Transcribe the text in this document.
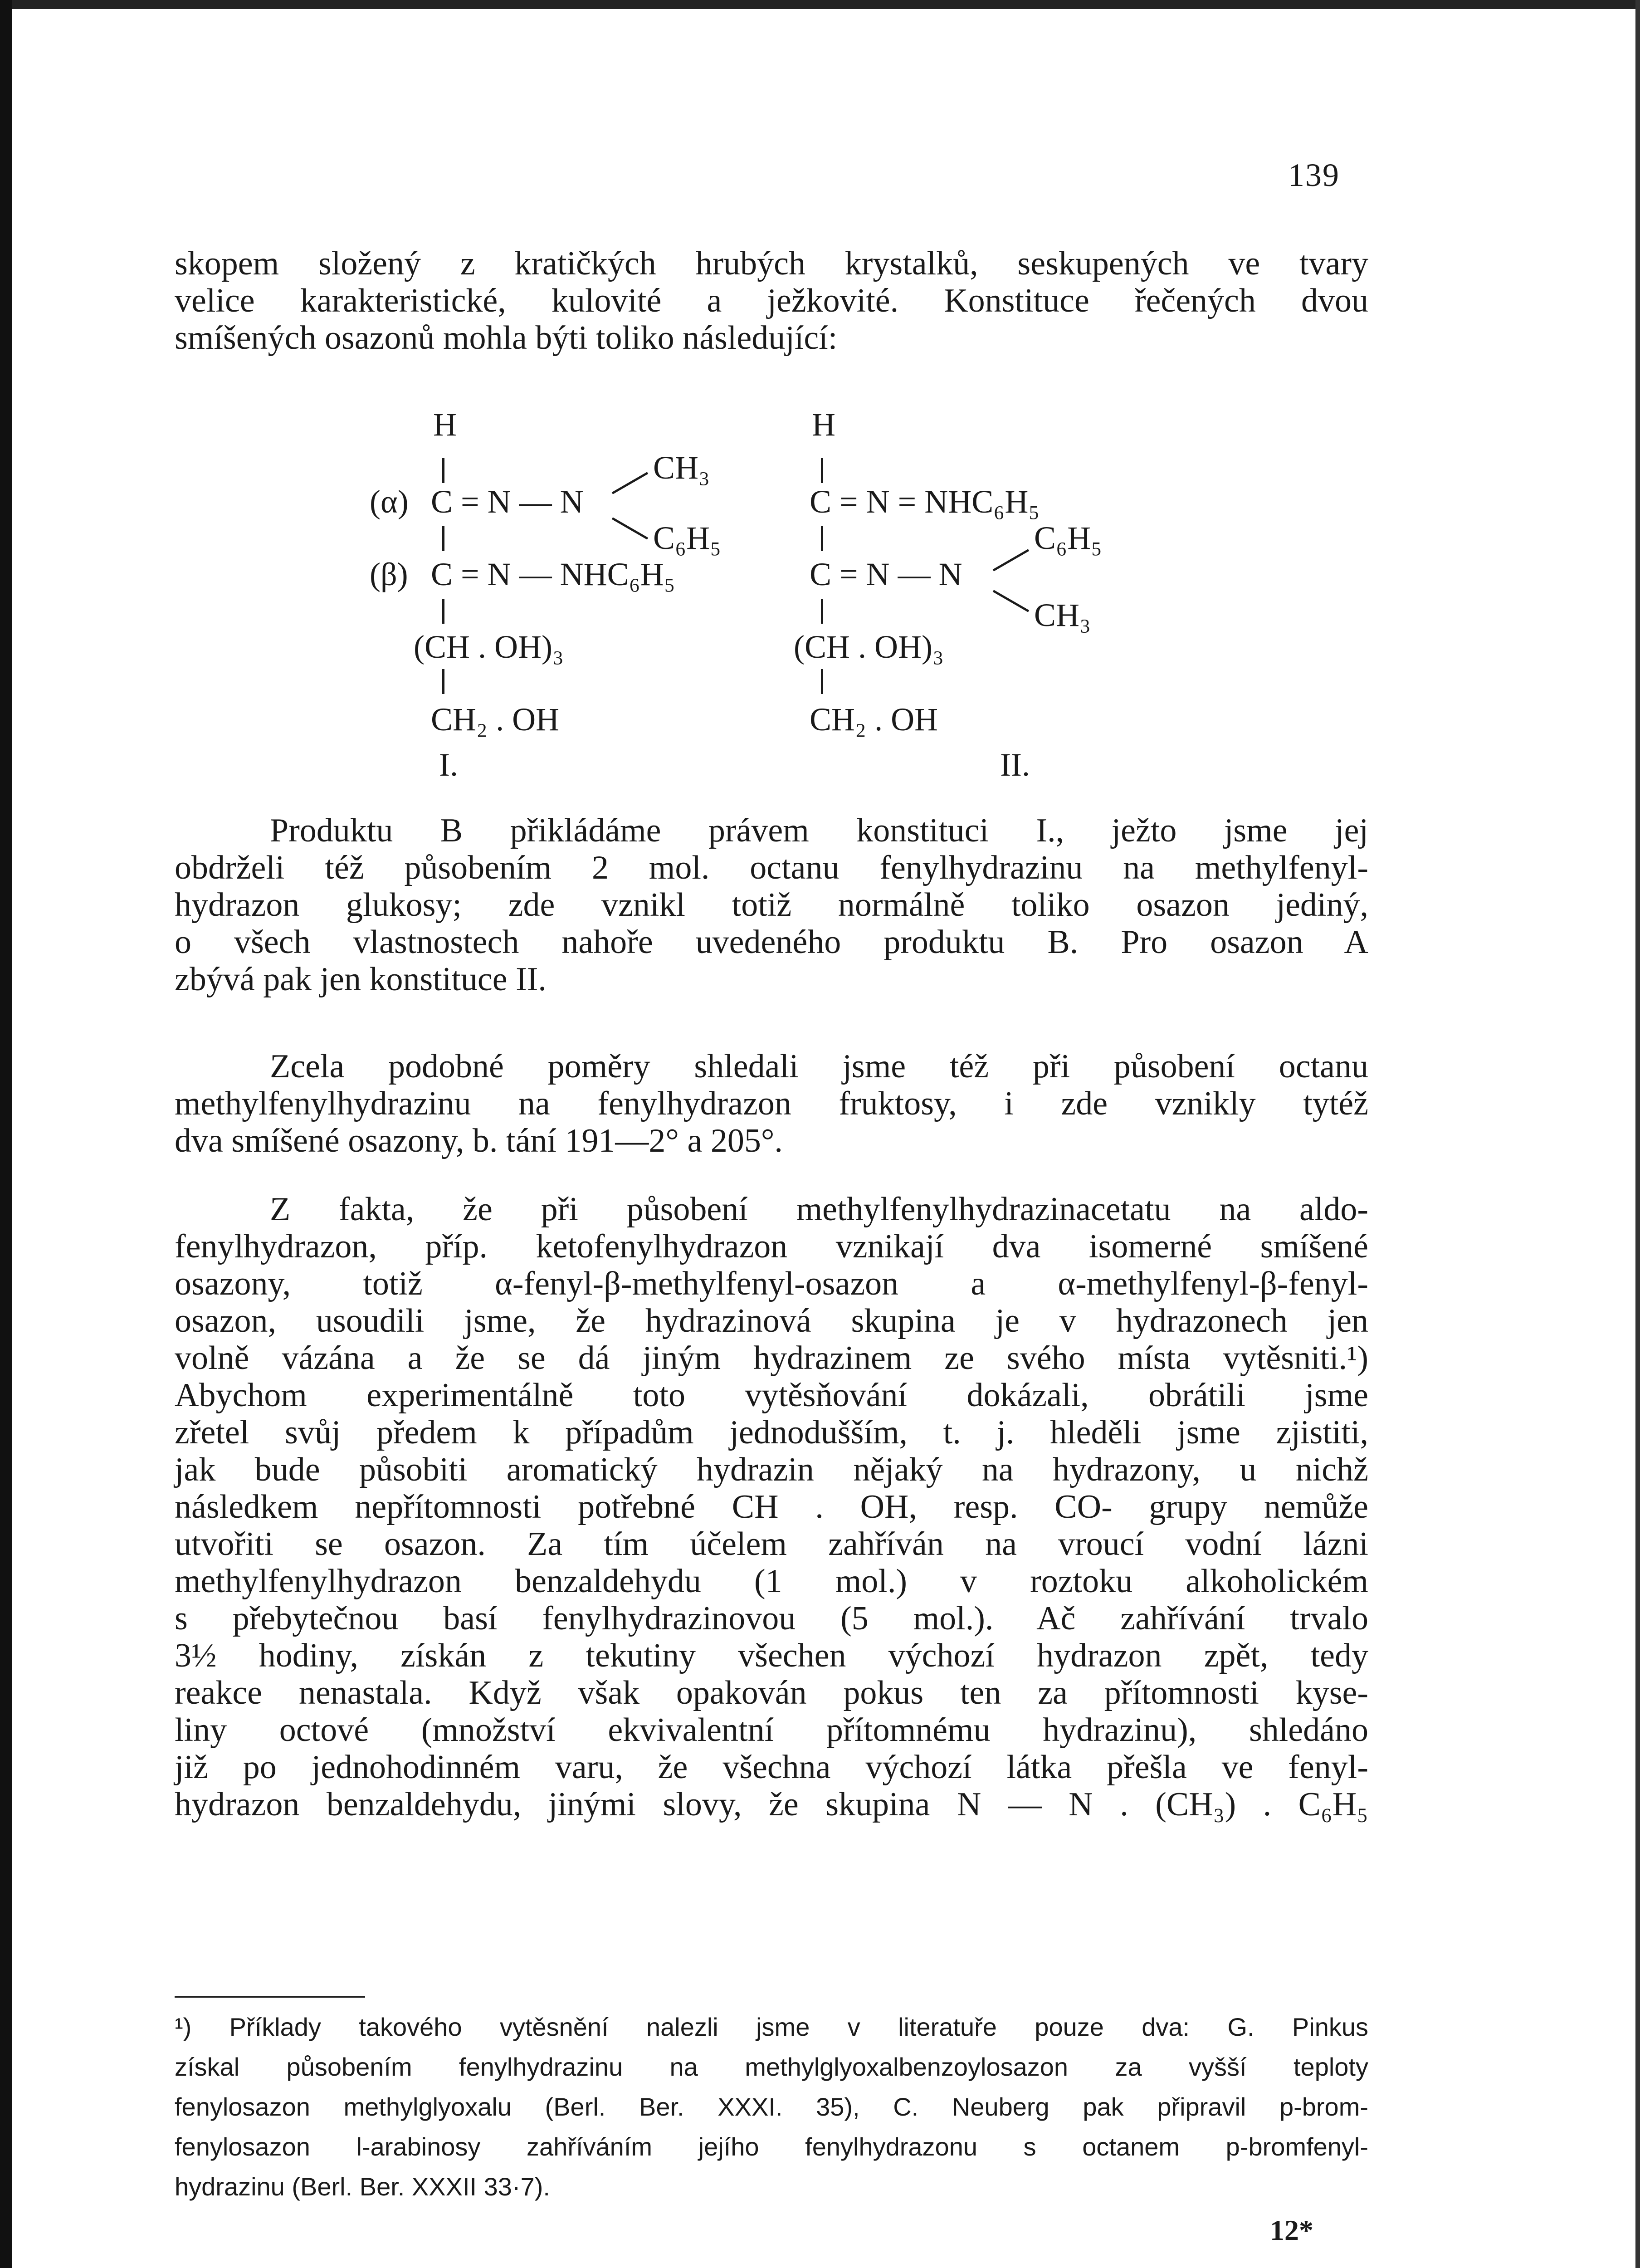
139
skopem složený z kratičkých hrubých krystalků, seskupených ve tvary
velice karakteristické, kulovité a ježkovité. Konstituce řečených dvou
smíšených osazonů mohla býti toliko následující:
H
(α) C = N — N
CH₃
C₆H₅
(β) C = N — NHC₆H₅
(CH . OH)₃
CH₂ . OH
I.
H
C = N = NHC₆H₅
C₆H₅
C = N — N
CH₃
(CH . OH)₃
CH₂ . OH
II.
Produktu B přikládáme právem konstituci I., ježto jsme jej
obdrželi též působením 2 mol. octanu fenylhydrazinu na methylfenyl-
hydrazon glukosy; zde vznikl totiž normálně toliko osazon jediný,
o všech vlastnostech nahoře uvedeného produktu B. Pro osazon A
zbývá pak jen konstituce II.
Zcela podobné poměry shledali jsme též při působení octanu
methylfenylhydrazinu na fenylhydrazon fruktosy, i zde vznikly tytéž
dva smíšené osazony, b. tání 191—2° a 205°.
Z fakta, že při působení methylfenylhydrazinacetatu na aldo-
fenylhydrazon, příp. ketofenylhydrazon vznikají dva isomerné smíšené
osazony, totiž α-fenyl-β-methylfenyl-osazon a α-methylfenyl-β-fenyl-
osazon, usoudili jsme, že hydrazinová skupina je v hydrazonech jen
volně vázána a že se dá jiným hydrazinem ze svého místa vytěsniti.¹)
Abychom experimentálně toto vytěsňování dokázali, obrátili jsme
zřetel svůj předem k případům jednodušším, t. j. hleděli jsme zjistiti,
jak bude působiti aromatický hydrazin nějaký na hydrazony, u nichž
následkem nepřítomnosti potřebné CH . OH, resp. CO- grupy nemůže
utvořiti se osazon. Za tím účelem zahříván na vroucí vodní lázni
methylfenylhydrazon benzaldehydu (1 mol.) v roztoku alkoholickém
s přebytečnou basí fenylhydrazinovou (5 mol.). Ač zahřívání trvalo
3½ hodiny, získán z tekutiny všechen výchozí hydrazon zpět, tedy
reakce nenastala. Když však opakován pokus ten za přítomnosti kyse-
liny octové (množství ekvivalentní přítomnému hydrazinu), shledáno
již po jednohodinném varu, že všechna výchozí látka přešla ve fenyl-
hydrazon benzaldehydu, jinými slovy, že skupina N — N . (CH₃) . C₆H₅
¹) Příklady takového vytěsnění nalezli jsme v literatuře pouze dva: G. Pinkus
získal působením fenylhydrazinu na methylglyoxalbenzoylosazon za vyšší teploty
fenylosazon methylglyoxalu (Berl. Ber. XXXI. 35), C. Neuberg pak připravil p-brom-
fenylosazon l-arabinosy zahříváním jejího fenylhydrazonu s octanem p-bromfenyl-
hydrazinu (Berl. Ber. XXXII 33·7).
12*
